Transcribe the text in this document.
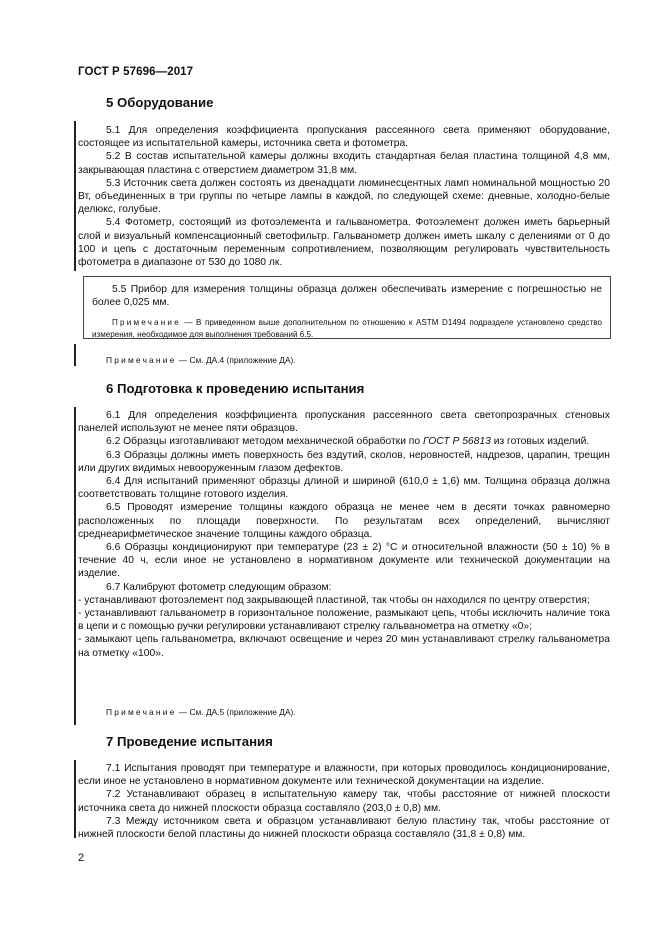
ГОСТ Р 57696—2017
5 Оборудование

5.1 Для определения коэффициента пропускания рассеянного света применяют оборудование, состоящее из испытательной камеры, источника света и фотометра.

5.2 В состав испытательной камеры должны входить стандартная белая пластина толщиной 4,8 мм, закрывающая пластина с отверстием диаметром 31,8 мм.

5.3 Источник света должен состоять из двенадцати люминесцентных ламп номинальной мощностью 20 Вт, объединенных в три группы по четыре лампы в каждой, по следующей схеме: дневные, холодно-белые делюкс, голубые.

5.4 Фотометр, состоящий из фотоэлемента и гальванометра. Фотоэлемент должен иметь барьерный слой и визуальный компенсационный светофильтр. Гальванометр должен иметь шкалу с делениями от 0 до 100 и цепь с достаточным переменным сопротивлением, позволяющим регулировать чувствительность фотометра в диапазоне от 530 до 1080 лк.

5.5 Прибор для измерения толщины образца должен обеспечивать измерение с погрешностью не более 0,025 мм.

Примечание — В приведенном выше дополнительном по отношению к ASTM D1494 подразделе установлено средство измерения, необходимое для выполнения требований 6.5.

Примечание — См. ДА.4 (приложение ДА).
6 Подготовка к проведению испытания

6.1 Для определения коэффициента пропускания рассеянного света светопрозрачных стеновых панелей используют не менее пяти образцов.

6.2 Образцы изготавливают методом механической обработки по ГОСТ Р 56813 из готовых изделий.

6.3 Образцы должны иметь поверхность без вздутий, сколов, неровностей, надрезов, царапин, трещин или других видимых невооруженным глазом дефектов.

6.4 Для испытаний применяют образцы длиной и шириной (610,0 ± 1,6) мм. Толщина образца должна соответствовать толщине готового изделия.

6.5 Проводят измерение толщины каждого образца не менее чем в десяти точках равномерно расположенных по площади поверхности. По результатам всех определений, вычисляют среднеарифметическое значение толщины каждого образца.

6.6 Образцы кондиционируют при температуре (23 ± 2) °С и относительной влажности (50 ± 10) % в течение 40 ч, если иное не установлено в нормативном документе или технической документации на изделие.

6.7 Калибруют фотометр следующим образом:

- устанавливают фотоэлемент под закрывающей пластиной, так чтобы он находился по центру отверстия;

- устанавливают гальванометр в горизонтальное положение, размыкают цепь, чтобы исключить наличие тока в цепи и с помощью ручки регулировки устанавливают стрелку гальванометра на отметку «0»;

- замыкают цепь гальванометра, включают освещение и через 20 мин устанавливают стрелку гальванометра на отметку «100».

Примечание — См. ДА.5 (приложение ДА).
7 Проведение испытания

7.1 Испытания проводят при температуре и влажности, при которых проводилось кондиционирование, если иное не установлено в нормативном документе или технической документации на изделие.

7.2 Устанавливают образец в испытательную камеру так, чтобы расстояние от нижней плоскости источника света до нижней плоскости образца составляло (203,0 ± 0,8) мм.

7.3 Между источником света и образцом устанавливают белую пластину так, чтобы расстояние от нижней плоскости белой пластины до нижней плоскости образца составляло (31,8 ± 0,8) мм.

2
